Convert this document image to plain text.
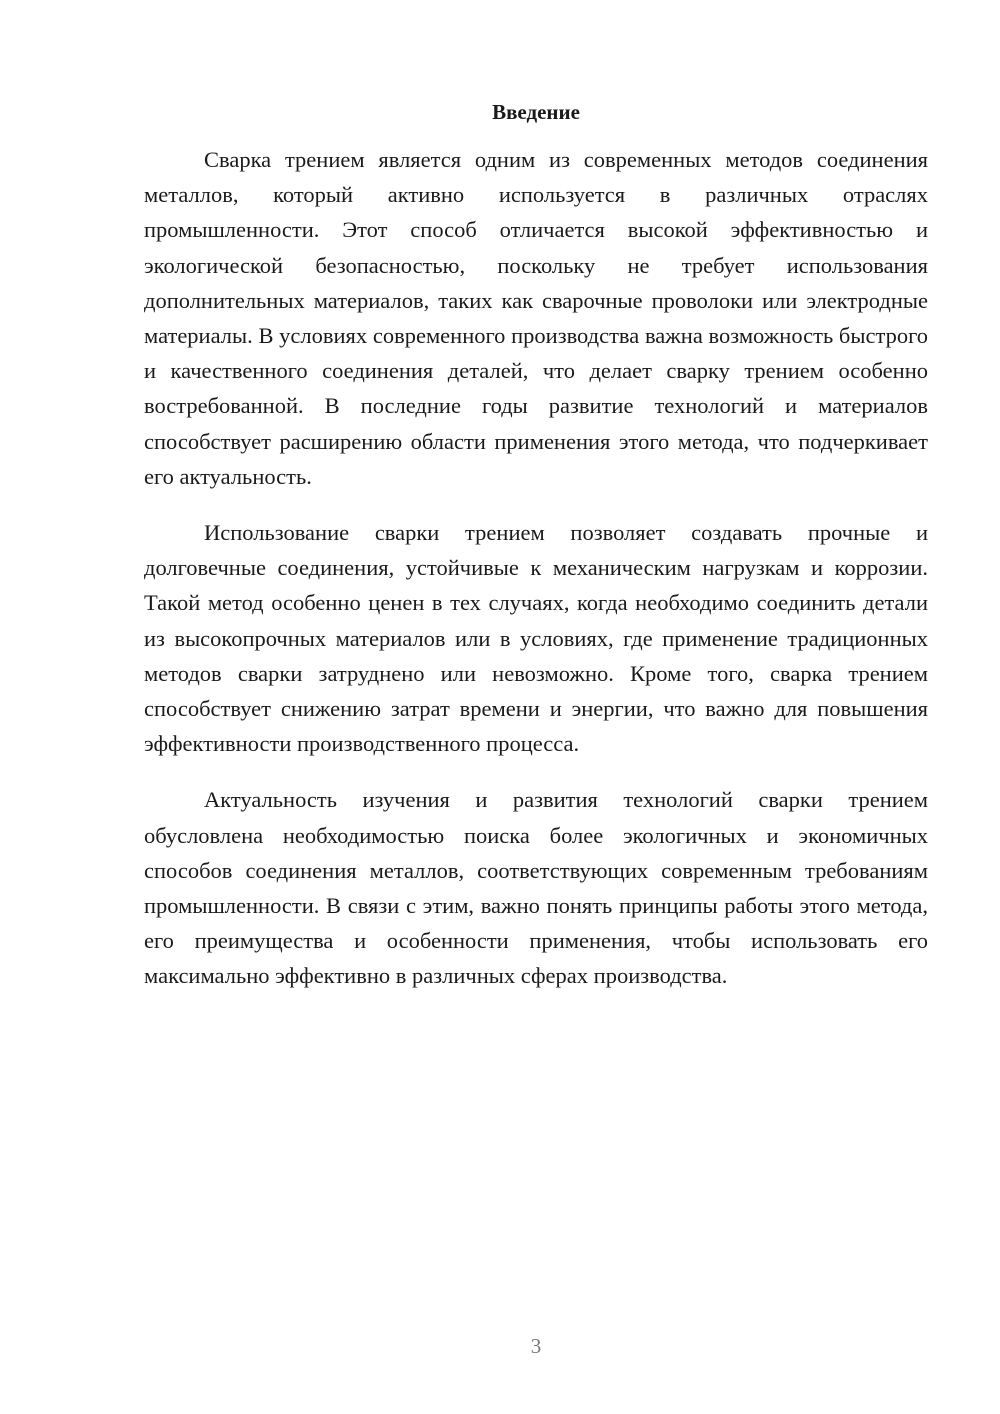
Введение

Сварка трением является одним из современных методов соединения металлов, который активно используется в различных отраслях промышленности. Этот способ отличается высокой эффективностью и экологической безопасностью, поскольку не требует использования дополнительных материалов, таких как сварочные проволоки или электродные материалы. В условиях современного производства важна возможность быстрого и качественного соединения деталей, что делает сварку трением особенно востребованной. В последние годы развитие технологий и материалов способствует расширению области применения этого метода, что подчеркивает его актуальность.

Использование сварки трением позволяет создавать прочные и долговечные соединения, устойчивые к механическим нагрузкам и коррозии. Такой метод особенно ценен в тех случаях, когда необходимо соединить детали из высокопрочных материалов или в условиях, где применение традиционных методов сварки затруднено или невозможно. Кроме того, сварка трением способствует снижению затрат времени и энергии, что важно для повышения эффективности производственного процесса.

Актуальность изучения и развития технологий сварки трением обусловлена необходимостью поиска более экологичных и экономичных способов соединения металлов, соответствующих современным требованиям промышленности. В связи с этим, важно понять принципы работы этого метода, его преимущества и особенности применения, чтобы использовать его максимально эффективно в различных сферах производства.

3
